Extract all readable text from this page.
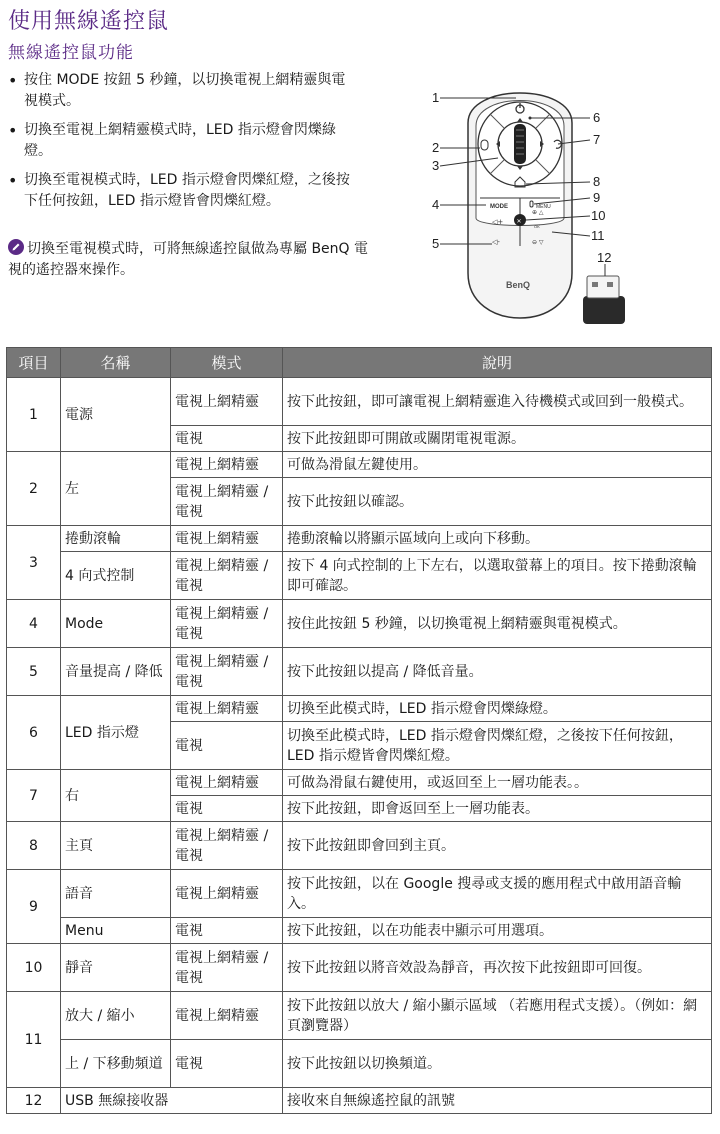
使用無線遙控鼠
無線遙控鼠功能
• 按住 MODE 按鈕 5 秒鐘，以切換電視上網精靈與電視模式。
• 切換至電視上網精靈模式時，LED 指示燈會閃爍綠燈。
• 切換至電視模式時，LED 指示燈會閃爍紅燈，之後按下任何按鈕，LED 指示燈皆會閃爍紅燈。
切換至電視模式時，可將無線遙控鼠做為專屬 BenQ 電視的遙控器來操作。
MODE	MENU
✕
◁+
◁-
⊕ △
OK
⊖ ▽
BenQ
1
2
3
4
5
6
7
8
9
10
11
12
項目	名稱	模式	說明
1	電源	電視上網精靈	按下此按鈕，即可讓電視上網精靈進入待機模式或回到一般模式。
		電視	按下此按鈕即可開啟或關閉電視電源。
2	左	電視上網精靈	可做為滑鼠左鍵使用。
		電視上網精靈 / 電視	按下此按鈕以確認。
3	捲動滾輪	電視上網精靈	捲動滾輪以將顯示區域向上或向下移動。
	4 向式控制	電視上網精靈 / 電視	按下 4 向式控制的上下左右，以選取螢幕上的項目。按下捲動滾輪即可確認。
4	Mode	電視上網精靈 / 電視	按住此按鈕 5 秒鐘，以切換電視上網精靈與電視模式。
5	音量提高 / 降低	電視上網精靈 / 電視	按下此按鈕以提高 / 降低音量。
6	LED 指示燈	電視上網精靈	切換至此模式時，LED 指示燈會閃爍綠燈。
		電視	切換至此模式時，LED 指示燈會閃爍紅燈，之後按下任何按鈕，LED 指示燈皆會閃爍紅燈。
7	右	電視上網精靈	可做為滑鼠右鍵使用，或返回至上一層功能表。。
		電視	按下此按鈕，即會返回至上一層功能表。
8	主頁	電視上網精靈 / 電視	按下此按鈕即會回到主頁。
9	語音	電視上網精靈	按下此按鈕，以在 Google 搜尋或支援的應用程式中啟用語音輸入。
	Menu	電視	按下此按鈕，以在功能表中顯示可用選項。
10	靜音	電視上網精靈 / 電視	按下此按鈕以將音效設為靜音，再次按下此按鈕即可回復。
11	放大 / 縮小	電視上網精靈	按下此按鈕以放大 / 縮小顯示區域 （若應用程式支援）。（例如：網頁瀏覽器）
	上 / 下移動頻道	電視	按下此按鈕以切換頻道。
12	USB 無線接收器		接收來自無線遙控鼠的訊號
